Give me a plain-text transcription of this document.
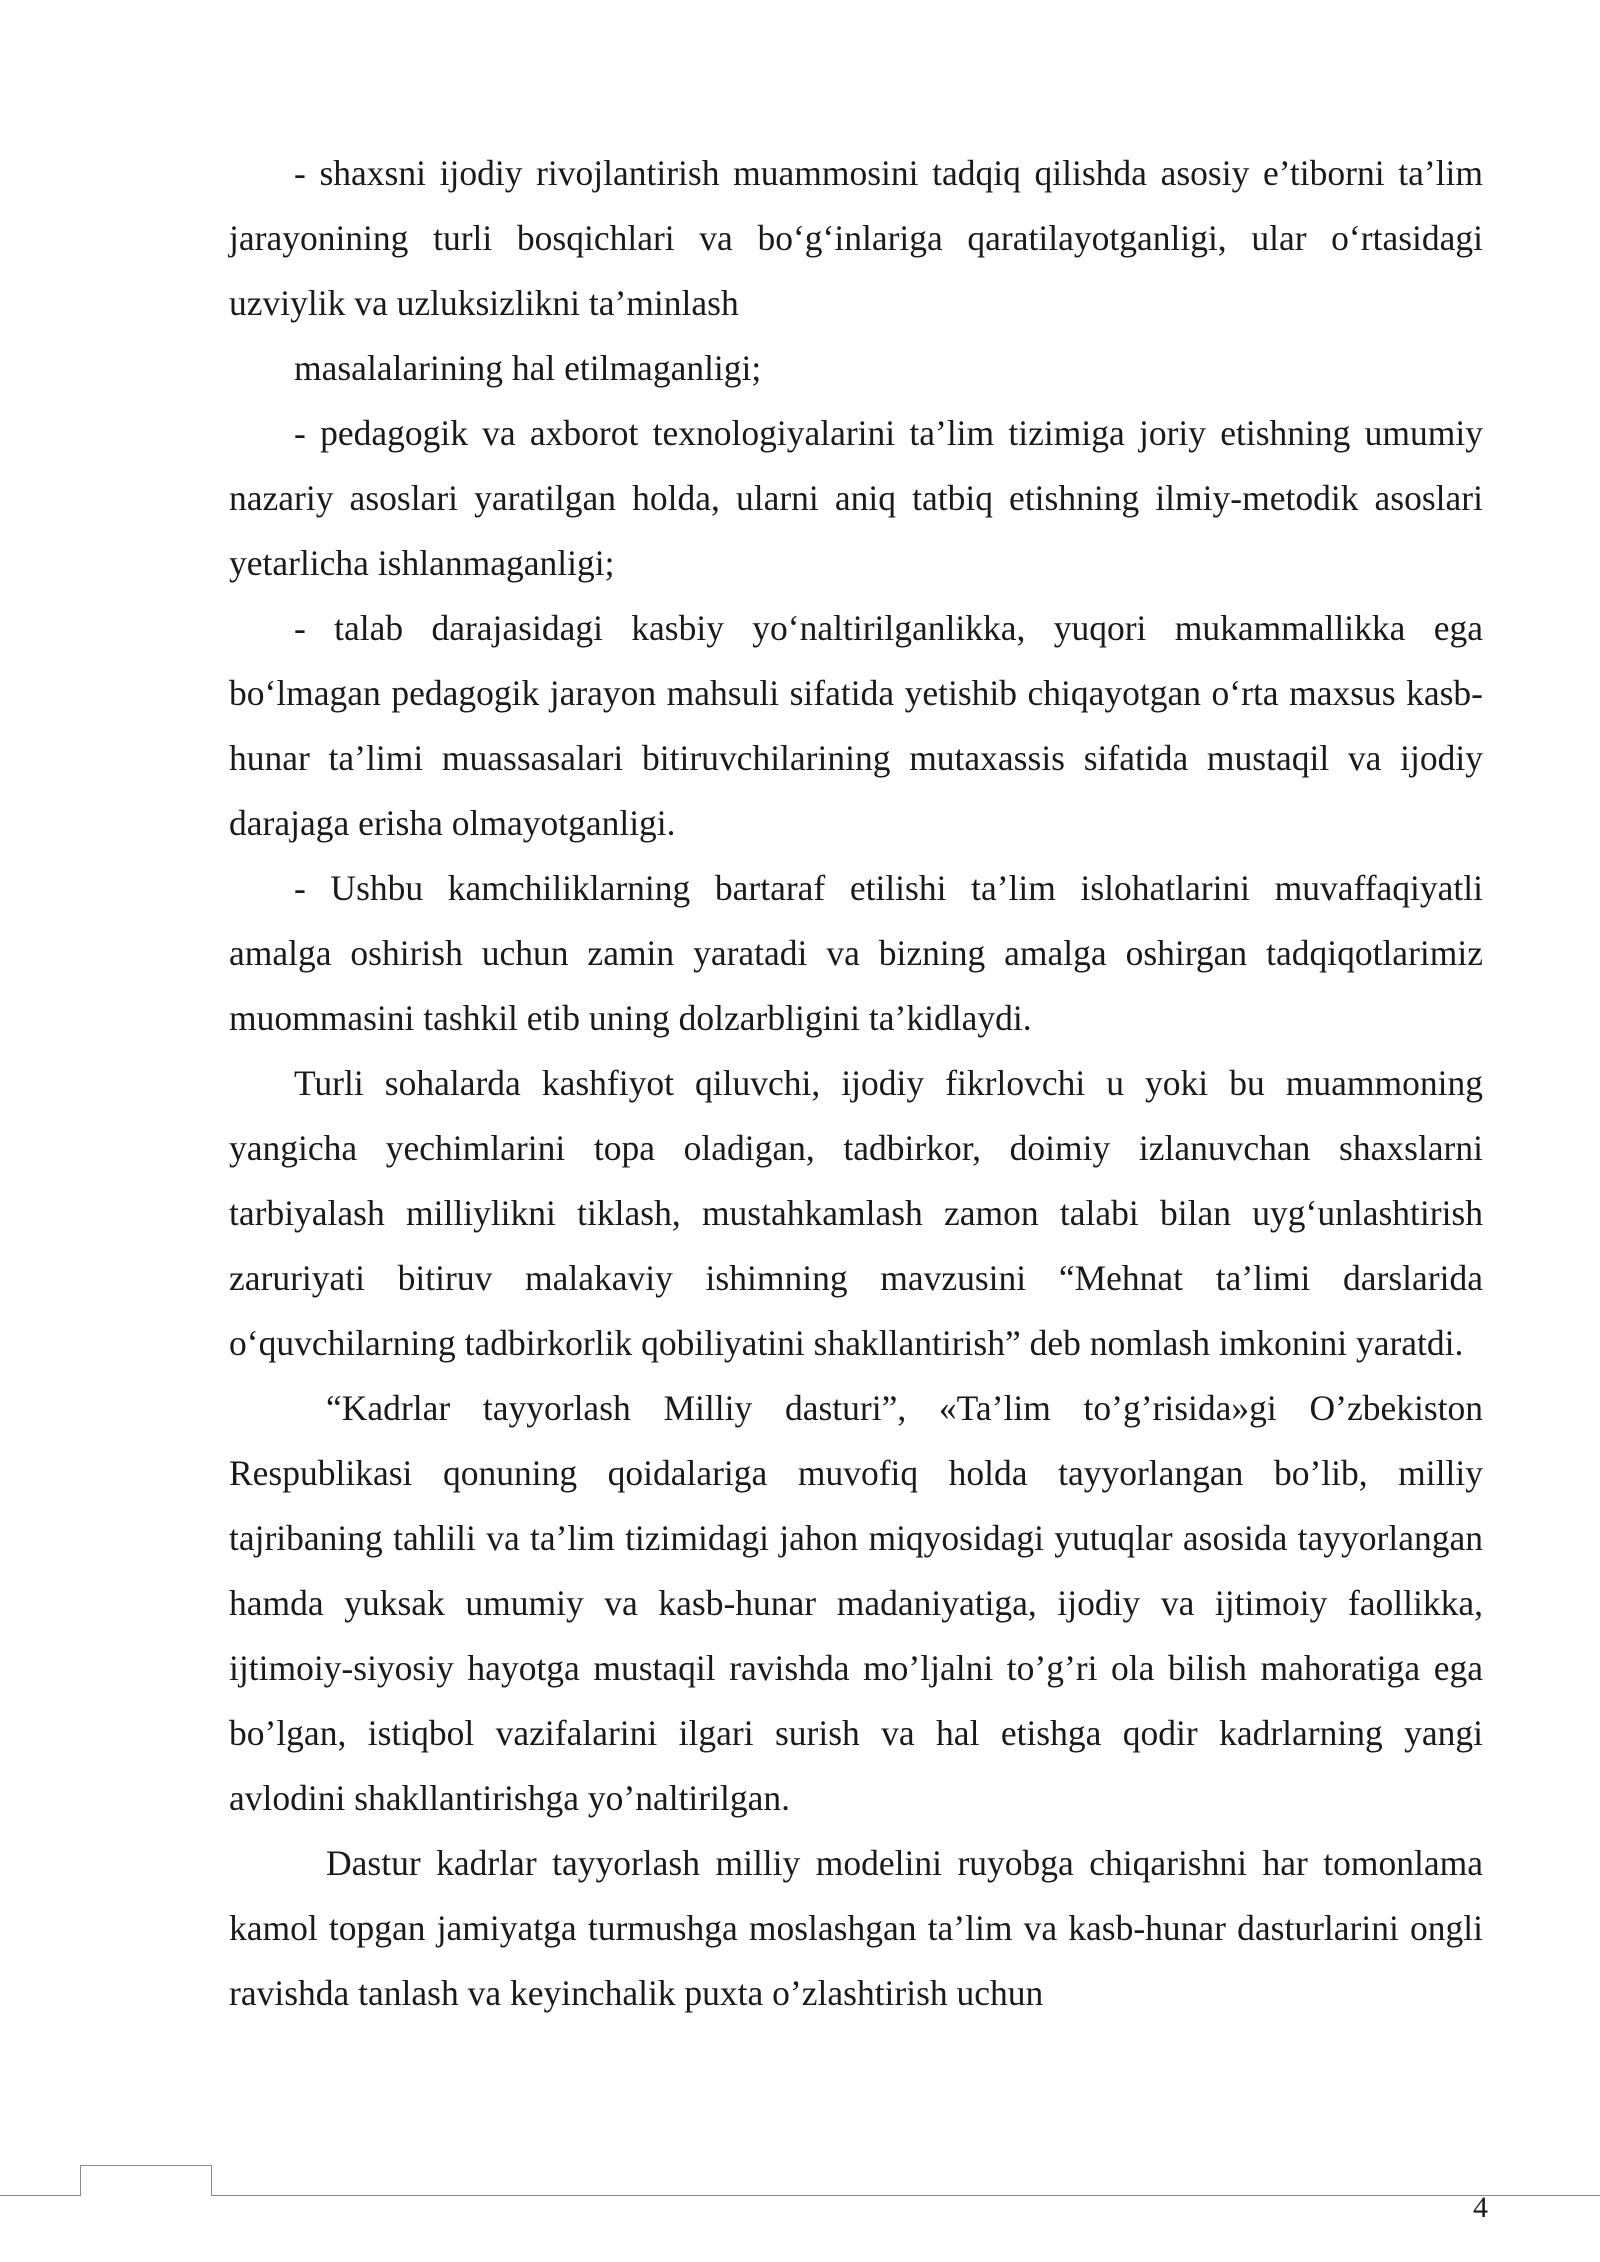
- shaxsni ijodiy rivojlantirish muammosini tadqiq qilishda asosiy e’tiborni ta’lim jarayonining turli bosqichlari va bo‘g‘inlariga qaratilayotganligi, ular o‘rtasidagi uzviylik va uzluksizlikni ta’minlash

masalalarining hal etilmaganligi;

- pedagogik va axborot texnologiyalarini ta’lim tizimiga joriy etishning umumiy nazariy asoslari yaratilgan holda, ularni aniq tatbiq etishning ilmiy-metodik asoslari yetarlicha ishlanmaganligi;

- talab darajasidagi kasbiy yo‘naltirilganlikka, yuqori mukammallikka ega bo‘lmagan pedagogik jarayon mahsuli sifatida yetishib chiqayotgan o‘rta maxsus kasb-hunar ta’limi muassasalari bitiruvchilarining mutaxassis sifatida mustaqil va ijodiy darajaga erisha olmayotganligi.

- Ushbu kamchiliklarning bartaraf etilishi ta’lim islohatlarini muvaffaqiyatli amalga oshirish uchun zamin yaratadi va bizning amalga oshirgan tadqiqotlarimiz muommasini tashkil etib uning dolzarbligini ta’kidlaydi.

Turli sohalarda kashfiyot qiluvchi, ijodiy fikrlovchi u yoki bu muammoning yangicha yechimlarini topa oladigan, tadbirkor, doimiy izlanuvchan shaxslarni tarbiyalash milliylikni tiklash, mustahkamlash zamon talabi bilan uyg‘unlashtirish zaruriyati bitiruv malakaviy ishimning mavzusini “Mehnat ta’limi darslarida o‘quvchilarning tadbirkorlik qobiliyatini shakllantirish” deb nomlash imkonini yaratdi.

“Kadrlar tayyorlash Milliy dasturi”, «Ta’lim to’g’risida»gi O’zbekiston Respublikasi qonuning qoidalariga muvofiq holda tayyorlangan bo’lib, milliy tajribaning tahlili va ta’lim tizimidagi jahon miqyosidagi yutuqlar asosida tayyorlangan hamda yuksak umumiy va kasb-hunar madaniyatiga, ijodiy va ijtimoiy faollikka, ijtimoiy-siyosiy hayotga mustaqil ravishda mo’ljalni to’g’ri ola bilish mahoratiga ega bo’lgan, istiqbol vazifalarini ilgari surish va hal etishga qodir kadrlarning yangi avlodini shakllantirishga yo’naltirilgan.

Dastur kadrlar tayyorlash milliy modelini ruyobga chiqarishni har tomonlama kamol topgan jamiyatga turmushga moslashgan ta’lim va kasb-hunar dasturlarini ongli ravishda tanlash va keyinchalik puxta o’zlashtirish uchun

4
